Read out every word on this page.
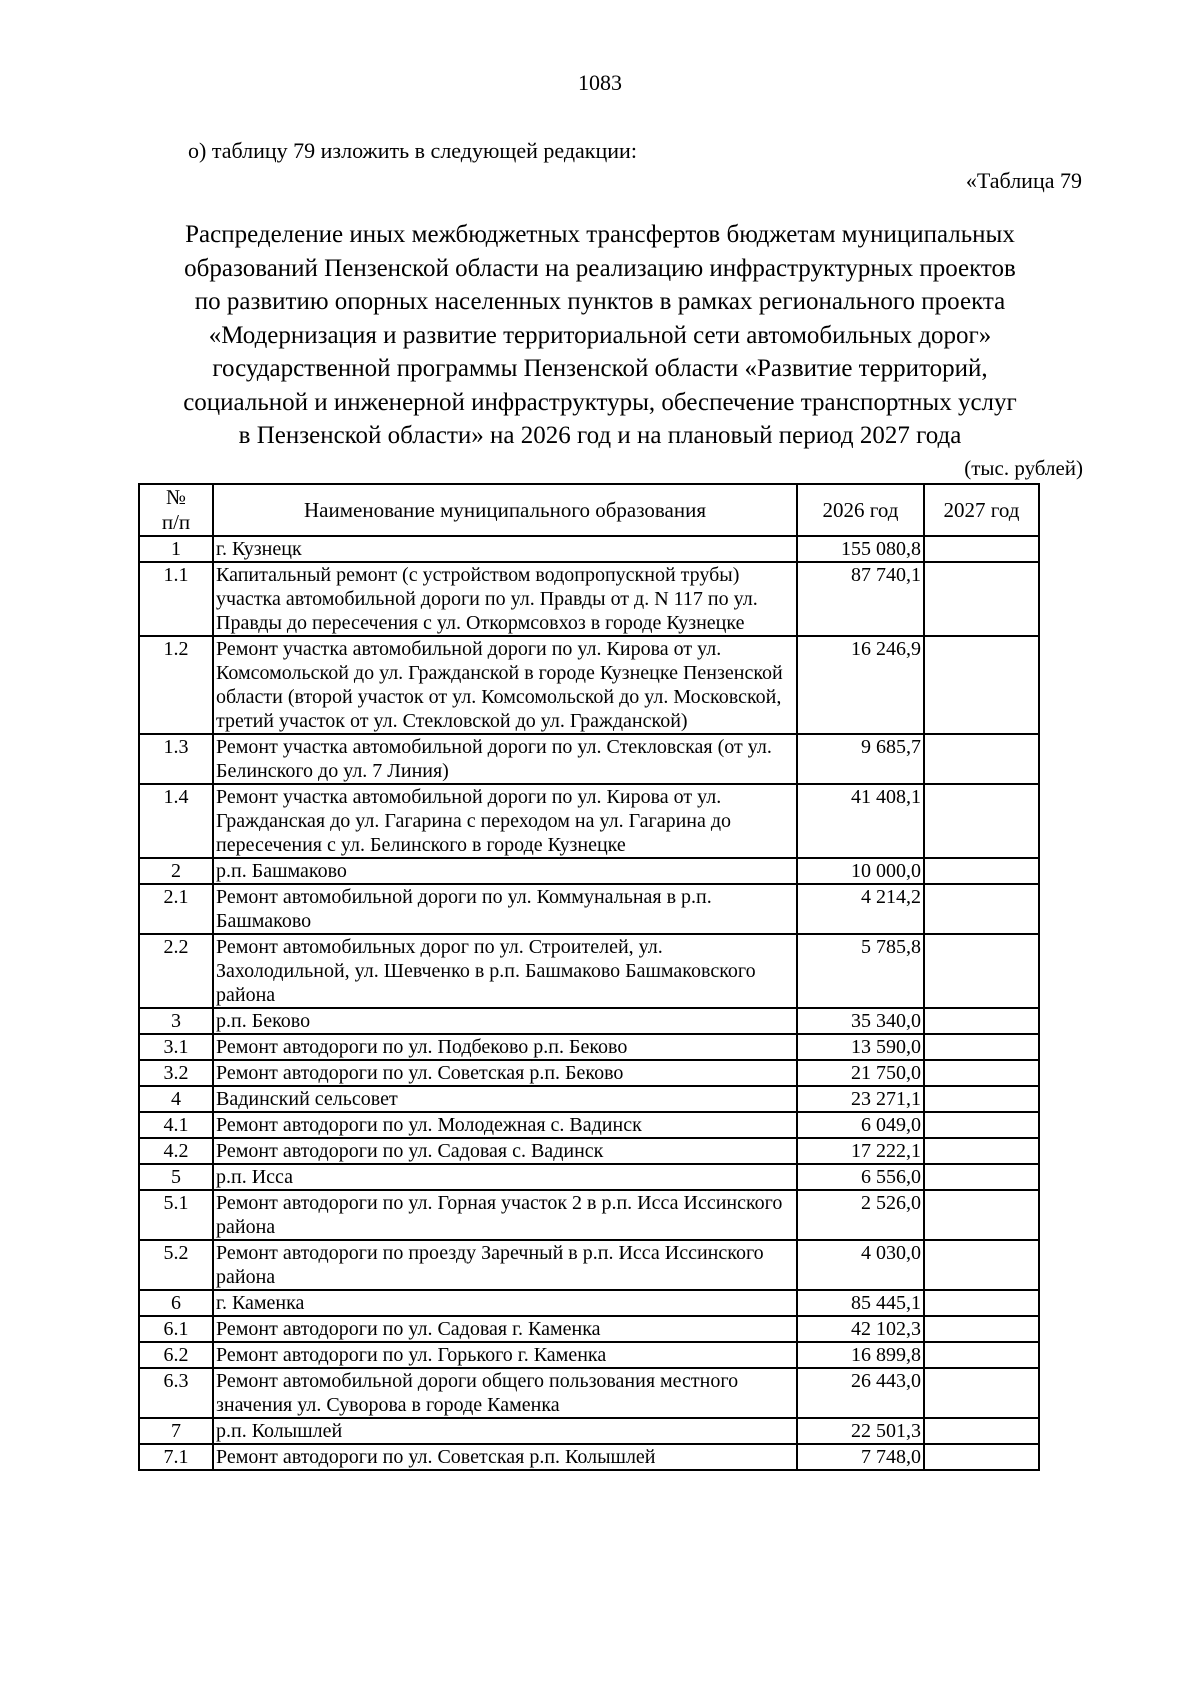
1083
о) таблицу 79 изложить в следующей редакции:
«Таблица 79
Распределение иных межбюджетных трансфертов бюджетам муниципальных
образований Пензенской области на реализацию инфраструктурных проектов
по развитию опорных населенных пунктов в рамках регионального проекта
«Модернизация и развитие территориальной сети автомобильных дорог»
государственной программы Пензенской области «Развитие территорий,
социальной и инженерной инфраструктуры, обеспечение транспортных услуг
в Пензенской области» на 2026 год и на плановый период 2027 года
(тыс. рублей)
№
п/п	Наименование муниципального образования	2026 год	2027 год
1	г. Кузнецк	155 080,8	
1.1	Капитальный ремонт (с устройством водопропускной трубы) участка автомобильной дороги по ул. Правды от д. N 117 по ул. Правды до пересечения с ул. Откормсовхоз в городе Кузнецке	87 740,1	
1.2	Ремонт участка автомобильной дороги по ул. Кирова от ул. Комсомольской до ул. Гражданской в городе Кузнецке Пензенской области (второй участок от ул. Комсомольской до ул. Московской, третий участок от ул. Стекловской до ул. Гражданской)	16 246,9	
1.3	Ремонт участка автомобильной дороги по ул. Стекловская (от ул. Белинского до ул. 7 Линия)	9 685,7	
1.4	Ремонт участка автомобильной дороги по ул. Кирова от ул. Гражданская до ул. Гагарина с переходом на ул. Гагарина до пересечения с ул. Белинского в городе Кузнецке	41 408,1	
2	р.п. Башмаково	10 000,0	
2.1	Ремонт автомобильной дороги по ул. Коммунальная в р.п. Башмаково	4 214,2	
2.2	Ремонт автомобильных дорог по ул. Строителей, ул. Захолодильной, ул. Шевченко в р.п. Башмаково Башмаковского района	5 785,8	
3	р.п. Беково	35 340,0	
3.1	Ремонт автодороги по ул. Подбеково р.п. Беково	13 590,0	
3.2	Ремонт автодороги по ул. Советская р.п. Беково	21 750,0	
4	Вадинский сельсовет	23 271,1	
4.1	Ремонт автодороги по ул. Молодежная с. Вадинск	6 049,0	
4.2	Ремонт автодороги по ул. Садовая с. Вадинск	17 222,1	
5	р.п. Исса	6 556,0	
5.1	Ремонт автодороги по ул. Горная участок 2 в р.п. Исса Иссинского района	2 526,0	
5.2	Ремонт автодороги по проезду Заречный в р.п. Исса Иссинского района	4 030,0	
6	г. Каменка	85 445,1	
6.1	Ремонт автодороги по ул. Садовая г. Каменка	42 102,3	
6.2	Ремонт автодороги по ул. Горького г. Каменка	16 899,8	
6.3	Ремонт автомобильной дороги общего пользования местного значения ул. Суворова в городе Каменка	26 443,0	
7	р.п. Колышлей	22 501,3	
7.1	Ремонт автодороги по ул. Советская р.п. Колышлей	7 748,0	
